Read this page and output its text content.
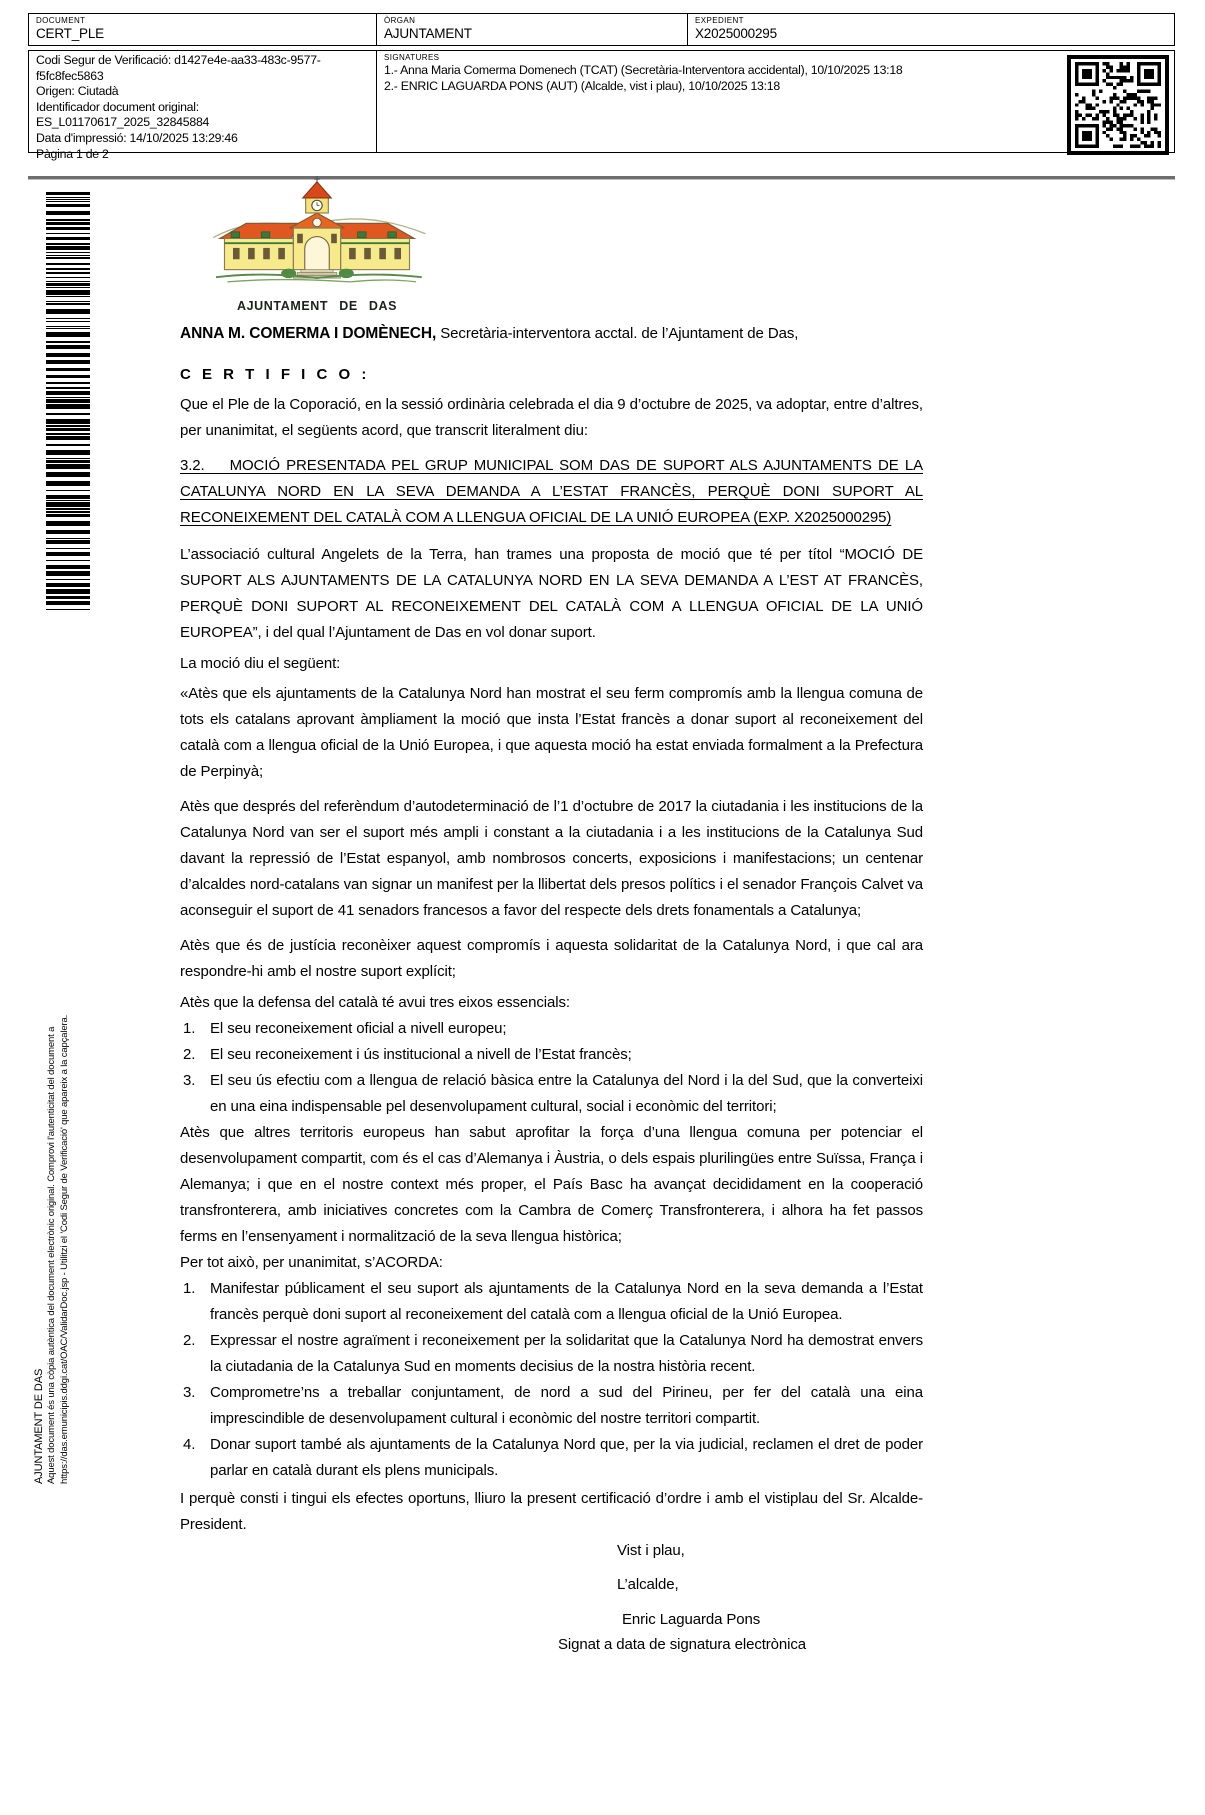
DOCUMENT
CERT_PLE
ÒRGAN
AJUNTAMENT
EXPEDIENT
X2025000295
Codi Segur de Verificació: d1427e4e-aa33-483c-9577-f5fc8fec5863
Origen: Ciutadà
Identificador document original: ES_L01170617_2025_32845884
Data d'impressió: 14/10/2025 13:29:46
Pàgina 1 de 2
SIGNATURES
1.- Anna Maria Comerma Domenech (TCAT) (Secretària-Interventora accidental), 10/10/2025 13:18
2.- ENRIC LAGUARDA PONS (AUT) (Alcalde, vist i plau), 10/10/2025 13:18
AJUNTAMENT DE DAS Aquest document és una còpia autèntica del document electrònic original. Comprovi l'autenticitat del document a https://das.emunicipis.ddgi.cat/OAC/ValidarDoc.jsp - Utilitzi el 'Codi Segur de Verificació' que apareix a la capçalera.
AJUNTAMENT DE DAS

ANNA M. COMERMA I DOMÈNECH, Secretària-interventora acctal. de l’Ajuntament de Das,

C E R T I F I C O :

Que el Ple de la Coporació, en la sessió ordinària celebrada el dia 9 d’octubre de 2025, va adoptar, entre d’altres, per unanimitat, el següents acord, que transcrit literalment diu:

3.2.    MOCIÓ PRESENTADA PEL GRUP MUNICIPAL SOM DAS DE SUPORT ALS AJUNTAMENTS DE LA CATALUNYA NORD EN LA SEVA DEMANDA A L’ESTAT FRANCÈS, PERQUÈ DONI SUPORT AL RECONEIXEMENT DEL CATALÀ COM A LLENGUA OFICIAL DE LA UNIÓ EUROPEA (EXP. X2025000295)

L’associació cultural Angelets de la Terra, han trames una proposta de moció que té per títol “MOCIÓ DE SUPORT ALS AJUNTAMENTS DE LA CATALUNYA NORD EN LA SEVA DEMANDA A L’EST AT FRANCÈS, PERQUÈ DONI SUPORT AL RECONEIXEMENT DEL CATALÀ COM A LLENGUA OFICIAL DE LA UNIÓ EUROPEA”, i del qual l’Ajuntament de Das en vol donar suport.

La moció diu el següent:

«Atès que els ajuntaments de la Catalunya Nord han mostrat el seu ferm compromís amb la llengua comuna de tots els catalans aprovant àmpliament la moció que insta l’Estat francès a donar suport al reconeixement del català com a llengua oficial de la Unió Europea, i que aquesta moció ha estat enviada formalment a la Prefectura de Perpinyà;

Atès que després del referèndum d’autodeterminació de l’1 d’octubre de 2017 la ciutadania i les institucions de la Catalunya Nord van ser el suport més ampli i constant a la ciutadania i a les institucions de la Catalunya Sud davant la repressió de l’Estat espanyol, amb nombrosos concerts, exposicions i manifestacions; un centenar d’alcaldes nord-catalans van signar un manifest per la llibertat dels presos polítics i el senador François Calvet va aconseguir el suport de 41 senadors francesos a favor del respecte dels drets fonamentals a Catalunya;

Atès que és de justícia reconèixer aquest compromís i aquesta solidaritat de la Catalunya Nord, i que cal ara respondre-hi amb el nostre suport explícit;

Atès que la defensa del català té avui tres eixos essencials:

1. El seu reconeixement oficial a nivell europeu;
2. El seu reconeixement i ús institucional a nivell de l’Estat francès;
3. El seu ús efectiu com a llengua de relació bàsica entre la Catalunya del Nord i la del Sud, que la converteixi en una eina indispensable pel desenvolupament cultural, social i econòmic del territori;

Atès que altres territoris europeus han sabut aprofitar la força d’una llengua comuna per potenciar el desenvolupament compartit, com és el cas d’Alemanya i Àustria, o dels espais plurilingües entre Suïssa, França i Alemanya; i que en el nostre context més proper, el País Basc ha avançat decididament en la cooperació transfronterera, amb iniciatives concretes com la Cambra de Comerç Transfronterera, i alhora ha fet passos ferms en l’ensenyament i normalització de la seva llengua històrica;

Per tot això, per unanimitat, s’ACORDA:

1. Manifestar públicament el seu suport als ajuntaments de la Catalunya Nord en la seva demanda a l’Estat francès perquè doni suport al reconeixement del català com a llengua oficial de la Unió Europea.
2. Expressar el nostre agraïment i reconeixement per la solidaritat que la Catalunya Nord ha demostrat envers la ciutadania de la Catalunya Sud en moments decisius de la nostra història recent.
3. Comprometre’ns a treballar conjuntament, de nord a sud del Pirineu, per fer del català una eina imprescindible de desenvolupament cultural i econòmic del nostre territori compartit.
4. Donar suport també als ajuntaments de la Catalunya Nord que, per la via judicial, reclamen el dret de poder parlar en català durant els plens municipals.

I perquè consti i tingui els efectes oportuns, lliuro la present certificació d’ordre i amb el vistiplau del Sr. Alcalde-President.

Vist i plau,
L’alcalde,
Enric Laguarda Pons
Signat a data de signatura electrònica
